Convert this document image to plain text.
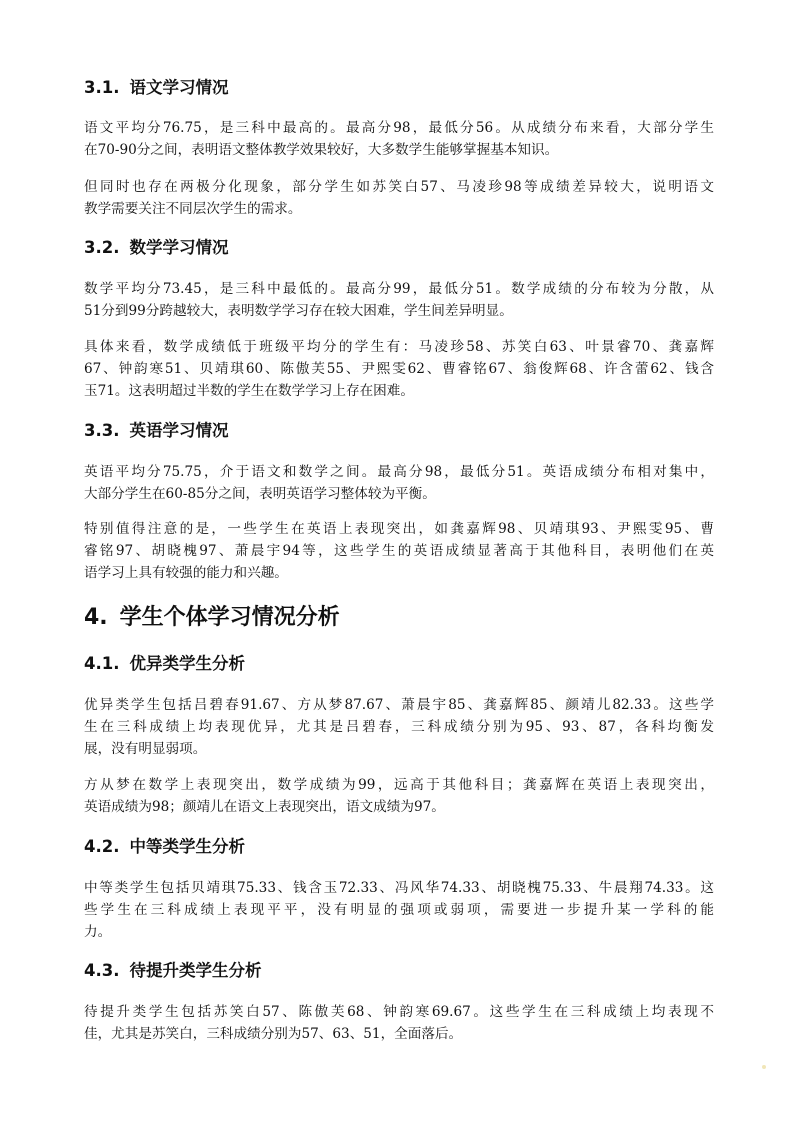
3.1. 语文学习情况
语文平均分76.75，是三科中最高的。最高分98，最低分56。从成绩分布来看，大部分学生
在70-90分之间，表明语文整体教学效果较好，大多数学生能够掌握基本知识。
但同时也存在两极分化现象，部分学生如苏笑白57、马凌珍98等成绩差异较大，说明语文
教学需要关注不同层次学生的需求。
3.2. 数学学习情况
数学平均分73.45，是三科中最低的。最高分99，最低分51。数学成绩的分布较为分散，从
51分到99分跨越较大，表明数学学习存在较大困难，学生间差异明显。
具体来看，数学成绩低于班级平均分的学生有：马凌珍58、苏笑白63、叶景睿70、龚嘉辉
67、钟韵寒51、贝靖琪60、陈傲芙55、尹熙雯62、曹睿铭67、翁俊辉68、许含蕾62、钱含
玉71。这表明超过半数的学生在数学学习上存在困难。
3.3. 英语学习情况
英语平均分75.75，介于语文和数学之间。最高分98，最低分51。英语成绩分布相对集中，
大部分学生在60-85分之间，表明英语学习整体较为平衡。
特别值得注意的是，一些学生在英语上表现突出，如龚嘉辉98、贝靖琪93、尹熙雯95、曹
睿铭97、胡晓槐97、萧晨宇94等，这些学生的英语成绩显著高于其他科目，表明他们在英
语学习上具有较强的能力和兴趣。
4. 学生个体学习情况分析
4.1. 优异类学生分析
优异类学生包括吕碧春91.67、方从梦87.67、萧晨宇85、龚嘉辉85、颜靖儿82.33。这些学
生在三科成绩上均表现优异，尤其是吕碧春，三科成绩分别为95、93、87，各科均衡发
展，没有明显弱项。
方从梦在数学上表现突出，数学成绩为99，远高于其他科目；龚嘉辉在英语上表现突出，
英语成绩为98；颜靖儿在语文上表现突出，语文成绩为97。
4.2. 中等类学生分析
中等类学生包括贝靖琪75.33、钱含玉72.33、冯风华74.33、胡晓槐75.33、牛晨翔74.33。这
些学生在三科成绩上表现平平，没有明显的强项或弱项，需要进一步提升某一学科的能
力。
4.3. 待提升类学生分析
待提升类学生包括苏笑白57、陈傲芙68、钟韵寒69.67。这些学生在三科成绩上均表现不
佳，尤其是苏笑白，三科成绩分别为57、63、51，全面落后。
